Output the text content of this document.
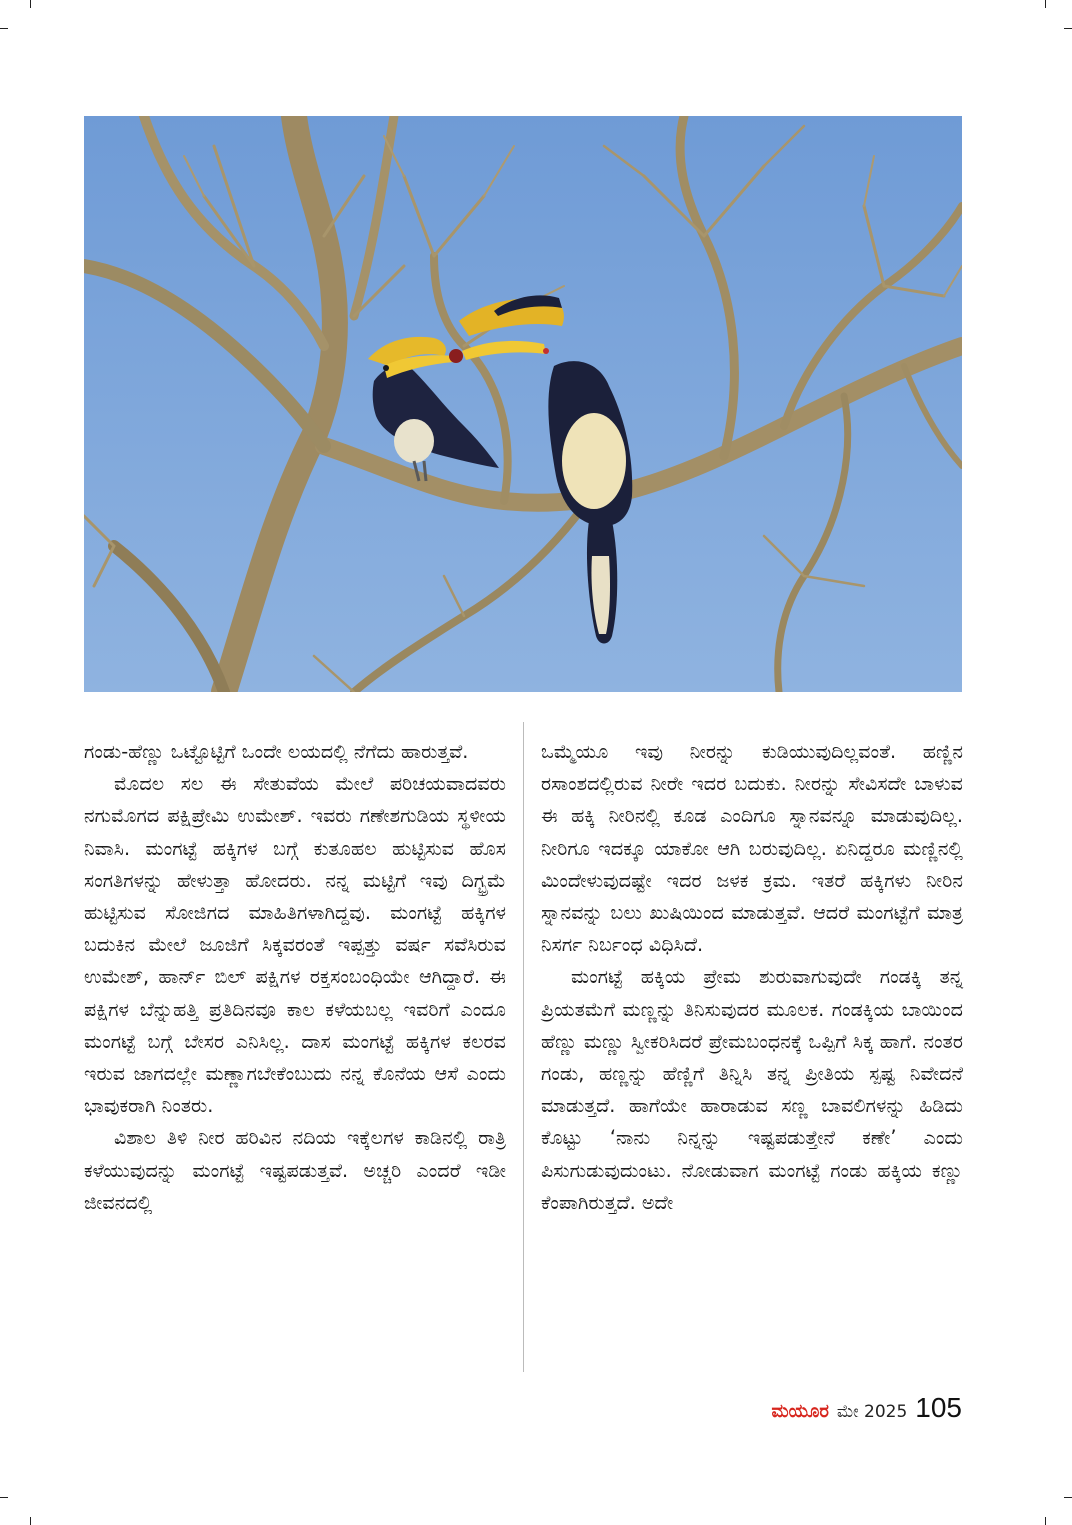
ಗಂಡು-ಹೆಣ್ಣು ಒಟ್ಟೊಟ್ಟಿಗೆ ಒಂದೇ ಲಯದಲ್ಲಿ ನೆಗೆದು ಹಾರುತ್ತವೆ.

ಮೊದಲ ಸಲ ಈ ಸೇತುವೆಯ ಮೇಲೆ ಪರಿಚಯವಾದವರು ನಗುಮೊಗದ ಪಕ್ಷಿಪ್ರೇಮಿ ಉಮೇಶ್. ಇವರು ಗಣೇಶಗುಡಿಯ ಸ್ಥಳೀಯ ನಿವಾಸಿ. ಮಂಗಟ್ಟೆ ಹಕ್ಕಿಗಳ ಬಗ್ಗೆ ಕುತೂಹಲ ಹುಟ್ಟಿಸುವ ಹೊಸ ಸಂಗತಿಗಳನ್ನು ಹೇಳುತ್ತಾ ಹೋದರು. ನನ್ನ ಮಟ್ಟಿಗೆ ಇವು ದಿಗ್ಭ್ರಮೆ ಹುಟ್ಟಿಸುವ ಸೋಜಿಗದ ಮಾಹಿತಿಗಳಾಗಿದ್ದವು. ಮಂಗಟ್ಟೆ ಹಕ್ಕಿಗಳ ಬದುಕಿನ ಮೇಲೆ ಜೂಜಿಗೆ ಸಿಕ್ಕವರಂತೆ ಇಪ್ಪತ್ತು ವರ್ಷ ಸವೆಸಿರುವ ಉಮೇಶ್, ಹಾರ್ನ್ ಬಿಲ್ ಪಕ್ಷಿಗಳ ರಕ್ತಸಂಬಂಧಿಯೇ ಆಗಿದ್ದಾರೆ. ಈ ಪಕ್ಷಿಗಳ ಬೆನ್ನುಹತ್ತಿ ಪ್ರತಿದಿನವೂ ಕಾಲ ಕಳೆಯಬಲ್ಲ ಇವರಿಗೆ ಎಂದೂ ಮಂಗಟ್ಟೆ ಬಗ್ಗೆ ಬೇಸರ ಎನಿಸಿಲ್ಲ. ದಾಸ ಮಂಗಟ್ಟೆ ಹಕ್ಕಿಗಳ ಕಲರವ ಇರುವ ಜಾಗದಲ್ಲೇ ಮಣ್ಣಾಗಬೇಕೆಂಬುದು ನನ್ನ ಕೊನೆಯ ಆಸೆ ಎಂದು ಭಾವುಕರಾಗಿ ನಿಂತರು.

ವಿಶಾಲ ತಿಳಿ ನೀರ ಹರಿವಿನ ನದಿಯ ಇಕ್ಕೆಲಗಳ ಕಾಡಿನಲ್ಲಿ ರಾತ್ರಿ ಕಳೆಯುವುದನ್ನು ಮಂಗಟ್ಟೆ ಇಷ್ಟಪಡುತ್ತವೆ. ಅಚ್ಚರಿ ಎಂದರೆ ಇಡೀ ಜೀವನದಲ್ಲಿ

ಒಮ್ಮೆಯೂ ಇವು ನೀರನ್ನು ಕುಡಿಯುವುದಿಲ್ಲವಂತೆ. ಹಣ್ಣಿನ ರಸಾಂಶದಲ್ಲಿರುವ ನೀರೇ ಇದರ ಬದುಕು. ನೀರನ್ನು ಸೇವಿಸದೇ ಬಾಳುವ ಈ ಹಕ್ಕಿ ನೀರಿನಲ್ಲಿ ಕೂಡ ಎಂದಿಗೂ ಸ್ನಾನವನ್ನೂ ಮಾಡುವುದಿಲ್ಲ. ನೀರಿಗೂ ಇದಕ್ಕೂ ಯಾಕೋ ಆಗಿ ಬರುವುದಿಲ್ಲ. ಏನಿದ್ದರೂ ಮಣ್ಣಿನಲ್ಲಿ ಮಿಂದೇಳುವುದಷ್ಟೇ ಇದರ ಜಳಕ ಕ್ರಮ. ಇತರೆ ಹಕ್ಕಿಗಳು ನೀರಿನ ಸ್ನಾನವನ್ನು ಬಲು ಖುಷಿಯಿಂದ ಮಾಡುತ್ತವೆ. ಆದರೆ ಮಂಗಟ್ಟೆಗೆ ಮಾತ್ರ ನಿಸರ್ಗ ನಿರ್ಬಂಧ ವಿಧಿಸಿದೆ.

ಮಂಗಟ್ಟೆ ಹಕ್ಕಿಯ ಪ್ರೇಮ ಶುರುವಾಗುವುದೇ ಗಂಡಕ್ಕಿ ತನ್ನ ಪ್ರಿಯತಮೆಗೆ ಮಣ್ಣನ್ನು ತಿನಿಸುವುದರ ಮೂಲಕ. ಗಂಡಕ್ಕಿಯ ಬಾಯಿಂದ ಹೆಣ್ಣು ಮಣ್ಣು ಸ್ವೀಕರಿಸಿದರೆ ಪ್ರೇಮಬಂಧನಕ್ಕೆ ಒಪ್ಪಿಗೆ ಸಿಕ್ಕ ಹಾಗೆ. ನಂತರ ಗಂಡು, ಹಣ್ಣನ್ನು ಹೆಣ್ಣಿಗೆ ತಿನ್ನಿಸಿ ತನ್ನ ಪ್ರೀತಿಯ ಸ್ಪಷ್ಟ ನಿವೇದನೆ ಮಾಡುತ್ತದೆ. ಹಾಗೆಯೇ ಹಾರಾಡುವ ಸಣ್ಣ ಬಾವಲಿಗಳನ್ನು ಹಿಡಿದು ಕೊಟ್ಟು ‘ನಾನು ನಿನ್ನನ್ನು ಇಷ್ಟಪಡುತ್ತೇನೆ ಕಣೇ’ ಎಂದು ಪಿಸುಗುಡುವುದುಂಟು. ನೋಡುವಾಗ ಮಂಗಟ್ಟೆ ಗಂಡು ಹಕ್ಕಿಯ ಕಣ್ಣು ಕೆಂಪಾಗಿರುತ್ತದೆ. ಅದೇ

ಮಯೂರ ಮೇ 2025 105
